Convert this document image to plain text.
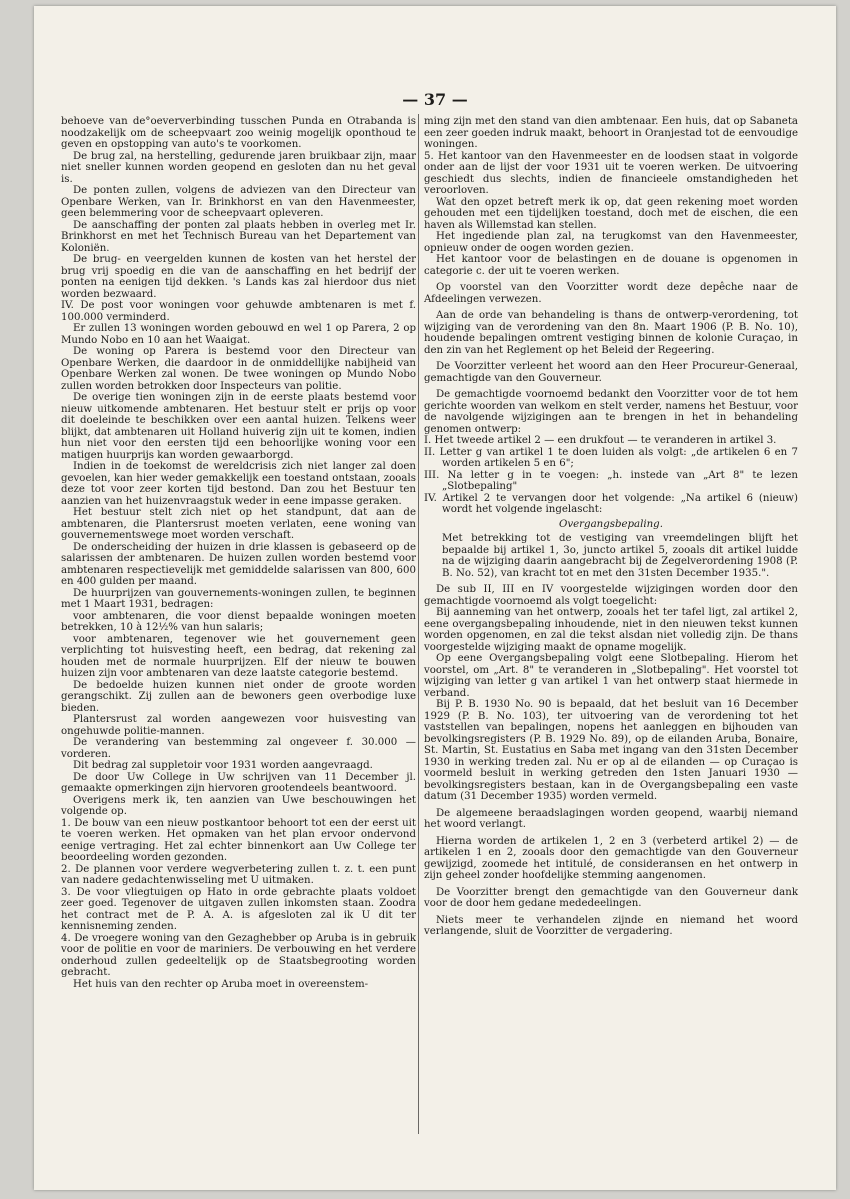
— 37 —

behoeve van de°oeververbinding tusschen Punda en Otrabanda is noodzakelijk om de scheepvaart zoo weinig mogelijk oponthoud te geven en opstopping van auto's te voorkomen.

De brug zal, na herstelling, gedurende jaren bruikbaar zijn, maar niet sneller kunnen worden geopend en gesloten dan nu het geval is.

De ponten zullen, volgens de adviezen van den Directeur van Openbare Werken, van Ir. Brinkhorst en van den Havenmeester, geen belemmering voor de scheepvaart opleveren.

De aanschaffing der ponten zal plaats hebben in overleg met Ir. Brinkhorst en met het Technisch Bureau van het Departement van Koloniën.

De brug- en veergelden kunnen de kosten van het herstel der brug vrij spoedig en die van de aanschaffing en het bedrijf der ponten na eenigen tijd dekken. 's Lands kas zal hierdoor dus niet worden bezwaard.

IV. De post voor woningen voor gehuwde ambtenaren is met f. 100.000 verminderd.

Er zullen 13 woningen worden gebouwd en wel 1 op Parera, 2 op Mundo Nobo en 10 aan het Waaigat.

De woning op Parera is bestemd voor den Directeur van Openbare Werken, die daardoor in de onmiddellijke nabijheid van Openbare Werken zal wonen. De twee woningen op Mundo Nobo zullen worden betrokken door Inspecteurs van politie.

De overige tien woningen zijn in de eerste plaats bestemd voor nieuw uitkomende ambtenaren. Het bestuur stelt er prijs op voor dit doeleinde te beschikken over een aantal huizen. Telkens weer blijkt, dat ambtenaren uit Holland huiverig zijn uit te komen, indien hun niet voor den eersten tijd een behoorlijke woning voor een matigen huurprijs kan worden gewaarborgd.

Indien in de toekomst de wereldcrisis zich niet langer zal doen gevoelen, kan hier weder gemakkelijk een toestand ontstaan, zooals deze tot voor zeer korten tijd bestond. Dan zou het Bestuur ten aanzien van het huizenvraagstuk weder in eene impasse geraken.

Het bestuur stelt zich niet op het standpunt, dat aan de ambtenaren, die Plantersrust moeten verlaten, eene woning van gouvernementswege moet worden verschaft.

De onderscheiding der huizen in drie klassen is gebaseerd op de salarissen der ambtenaren. De huizen zullen worden bestemd voor ambtenaren respectievelijk met gemiddelde salarissen van 800, 600 en 400 gulden per maand.

De huurprijzen van gouvernements-woningen zullen, te beginnen met 1 Maart 1931, bedragen:

voor ambtenaren, die voor dienst bepaalde woningen moeten betrekken, 10 à 12½% van hun salaris;

voor ambtenaren, tegenover wie het gouvernement geen verplichting tot huisvesting heeft, een bedrag, dat rekening zal houden met de normale huurprijzen. Elf der nieuw te bouwen huizen zijn voor ambtenaren van deze laatste categorie bestemd.

De bedoelde huizen kunnen niet onder de groote worden gerangschikt. Zij zullen aan de bewoners geen overbodige luxe bieden.

Plantersrust zal worden aangewezen voor huisvesting van ongehuwde politie-mannen.

De verandering van bestemming zal ongeveer f. 30.000 — vorderen.

Dit bedrag zal suppletoir voor 1931 worden aangevraagd.

De door Uw College in Uw schrijven van 11 December jl. gemaakte opmerkingen zijn hiervoren grootendeels beantwoord.

Overigens merk ik, ten aanzien van Uwe beschouwingen het volgende op.

1. De bouw van een nieuw postkantoor behoort tot een der eerst uit te voeren werken. Het opmaken van het plan ervoor ondervond eenige vertraging. Het zal echter binnenkort aan Uw College ter beoordeeling worden gezonden.

2. De plannen voor verdere wegverbetering zullen t. z. t. een punt van nadere gedachtenwisseling met U uitmaken.

3. De voor vliegtuigen op Hato in orde gebrachte plaats voldoet zeer goed. Tegenover de uitgaven zullen inkomsten staan. Zoodra het contract met de P. A. A. is afgesloten zal ik U dit ter kennisneming zenden.

4. De vroegere woning van den Gezaghebber op Aruba is in gebruik voor de politie en voor de mariniers. De verbouwing en het verdere onderhoud zullen gedeeltelijk op de Staatsbegrooting worden gebracht.

Het huis van den rechter op Aruba moet in overeenstem-

ming zijn met den stand van dien ambtenaar. Een huis, dat op Sabaneta een zeer goeden indruk maakt, behoort in Oranjestad tot de eenvoudige woningen.

5. Het kantoor van den Havenmeester en de loodsen staat in volgorde onder aan de lijst der voor 1931 uit te voeren werken. De uitvoering geschiedt dus slechts, indien de financieele omstandigheden het veroorloven.

Wat den opzet betreft merk ik op, dat geen rekening moet worden gehouden met een tijdelijken toestand, doch met de eischen, die een haven als Willemstad kan stellen.

Het ingediende plan zal, na terugkomst van den Havenmeester, opnieuw onder de oogen worden gezien.

Het kantoor voor de belastingen en de douane is opgenomen in categorie c. der uit te voeren werken.

Op voorstel van den Voorzitter wordt deze depêche naar de Afdeelingen verwezen.

Aan de orde van behandeling is thans de ontwerp-verordening, tot wijziging van de verordening van den 8n. Maart 1906 (P. B. No. 10), houdende bepalingen omtrent vestiging binnen de kolonie Curaçao, in den zin van het Reglement op het Beleid der Regeering.

De Voorzitter verleent het woord aan den Heer Procureur-Generaal, gemachtigde van den Gouverneur.

De gemachtigde voornoemd bedankt den Voorzitter voor de tot hem gerichte woorden van welkom en stelt verder, namens het Bestuur, voor de navolgende wijzigingen aan te brengen in het in behandeling genomen ontwerp:

I. Het tweede artikel 2 — een drukfout — te veranderen in artikel 3.

II. Letter g van artikel 1 te doen luiden als volgt: „de artikelen 6 en 7 worden artikelen 5 en 6";

III. Na letter g in te voegen: „h. instede van „Art 8" te lezen „Slotbepaling"

IV. Artikel 2 te vervangen door het volgende: „Na artikel 6 (nieuw) wordt het volgende ingelascht:

Overgangsbepaling.

Met betrekking tot de vestiging van vreemdelingen blijft het bepaalde bij artikel 1, 3o, juncto artikel 5, zooals dit artikel luidde na de wijziging daarin aangebracht bij de Zegelverordening 1908 (P. B. No. 52), van kracht tot en met den 31sten December 1935.".

De sub II, III en IV voorgestelde wijzigingen worden door den gemachtigde voornoemd als volgt toegelicht:

Bij aanneming van het ontwerp, zooals het ter tafel ligt, zal artikel 2, eene overgangsbepaling inhoudende, niet in den nieuwen tekst kunnen worden opgenomen, en zal die tekst alsdan niet volledig zijn. De thans voorgestelde wijziging maakt de opname mogelijk.

Op eene Overgangsbepaling volgt eene Slotbepaling. Hierom het voorstel, om „Art. 8" te veranderen in „Slotbepaling". Het voorstel tot wijziging van letter g van artikel 1 van het ontwerp staat hiermede in verband.

Bij P. B. 1930 No. 90 is bepaald, dat het besluit van 16 December 1929 (P. B. No. 103), ter uitvoering van de verordening tot het vaststellen van bepalingen, nopens het aanleggen en bijhouden van bevolkingsregisters (P. B. 1929 No. 89), op de eilanden Aruba, Bonaire, St. Martin, St. Eustatius en Saba met ingang van den 31sten December 1930 in werking treden zal. Nu er op al de eilanden — op Curaçao is voormeld besluit in werking getreden den 1sten Januari 1930 — bevolkingsregisters bestaan, kan in de Overgangsbepaling een vaste datum (31 December 1935) worden vermeld.

De algemeene beraadslagingen worden geopend, waarbij niemand het woord verlangt.

Hierna worden de artikelen 1, 2 en 3 (verbeterd artikel 2) — de artikelen 1 en 2, zooals door den gemachtigde van den Gouverneur gewijzigd, zoomede het intitulé, de consideransen en het ontwerp in zijn geheel zonder hoofdelijke stemming aangenomen.

De Voorzitter brengt den gemachtigde van den Gouverneur dank voor de door hem gedane mededeelingen.

Niets meer te verhandelen zijnde en niemand het woord verlangende, sluit de Voorzitter de vergadering.
